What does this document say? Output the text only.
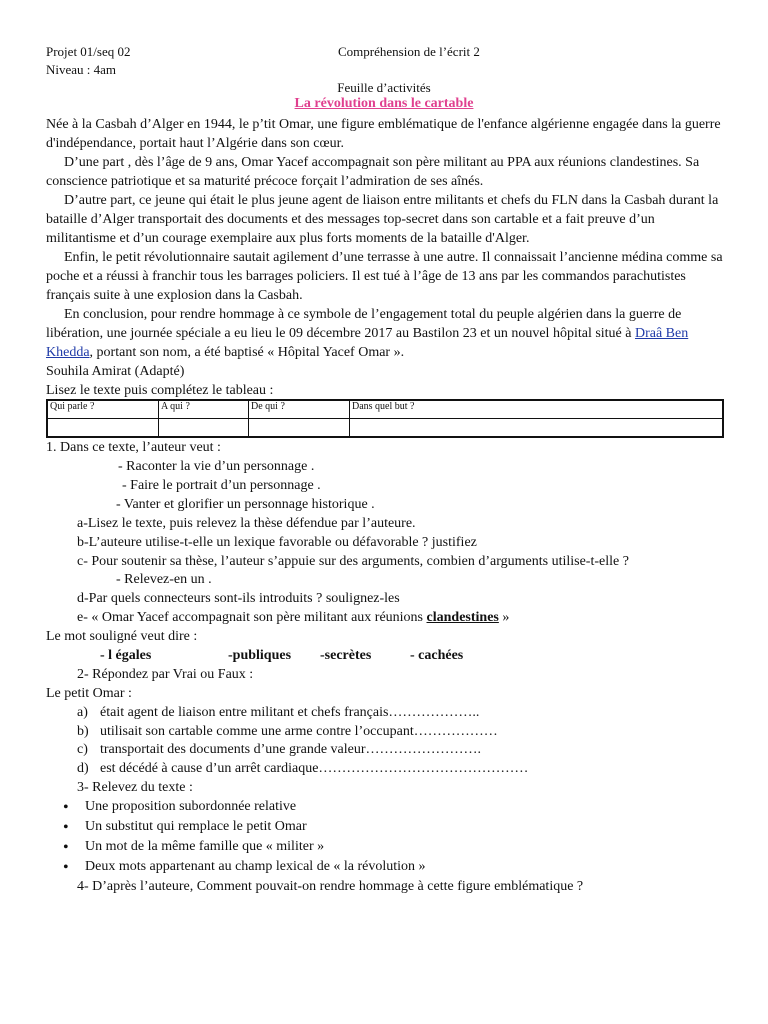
Projet 01/seq 02
Niveau : 4am
Compréhension de l’écrit 2
Feuille d’activités
La révolution dans le cartable

Née à la Casbah d’Alger en 1944, le p’tit Omar, une figure emblématique de l'enfance algérienne engagée dans la guerre d'indépendance, portait haut l’Algérie dans son cœur.

D’une part , dès l’âge de 9 ans, Omar Yacef accompagnait son père militant au PPA aux réunions clandestines. Sa conscience patriotique et sa maturité précoce forçait l’admiration de ses aînés.

D’autre part, ce jeune qui était le plus jeune agent de liaison entre militants et chefs du FLN dans la Casbah durant la bataille d’Alger transportait des documents et des messages top-secret dans son cartable et a fait preuve d’un militantisme et d’un courage exemplaire aux plus forts moments de la bataille d'Alger.

Enfin, le petit révolutionnaire sautait agilement d’une terrasse à une autre. Il connaissait l’ancienne médina comme sa poche et a réussi à franchir tous les barrages policiers. Il est tué à l’âge de 13 ans par les commandos parachutistes français suite à une explosion dans la Casbah.

En conclusion, pour rendre hommage à ce symbole de l’engagement total du peuple algérien dans la guerre de libération, une journée spéciale a eu lieu le 09 décembre 2017 au Bastilon 23 et un nouvel hôpital situé à Draâ Ben Khedda, portant son nom, a été baptisé « Hôpital Yacef Omar ».

Souhila Amirat (Adapté)

Lisez le texte puis complétez le tableau :

Qui parle ?	A qui ?	De qui ?	Dans quel but ?

1. Dans ce texte, l’auteur veut :
- Raconter la vie d’un personnage .
- Faire le portrait d’un personnage .
- Vanter et glorifier un personnage historique .
a-Lisez le texte, puis relevez la thèse défendue par l’auteure.
b-L’auteure utilise-t-elle un lexique favorable ou défavorable ? justifiez
c- Pour soutenir sa thèse, l’auteur s’appuie sur des arguments, combien d’arguments utilise-t-elle ?
- Relevez-en un .
d-Par quels connecteurs sont-ils introduits ? soulignez-les
e- « Omar Yacef accompagnait son père militant aux réunions clandestines »
Le mot souligné veut dire :
- l égales	-publiques -secrètes	- cachées
2- Répondez par Vrai ou Faux :
Le petit Omar :
a) était agent de liaison entre militant et chefs français………………..
b) utilisait son cartable comme une arme contre l’occupant………………
c) transportait des documents d’une grande valeur…………………….
d) est décédé à cause d’un arrêt cardiaque………………………………………
3- Relevez du texte :
• Une proposition subordonnée relative
• Un substitut qui remplace le petit Omar
• Un mot de la même famille que « militer »
• Deux mots appartenant au champ lexical de « la révolution »
4- D’après l’auteure, Comment pouvait-on rendre hommage à cette figure emblématique ?
